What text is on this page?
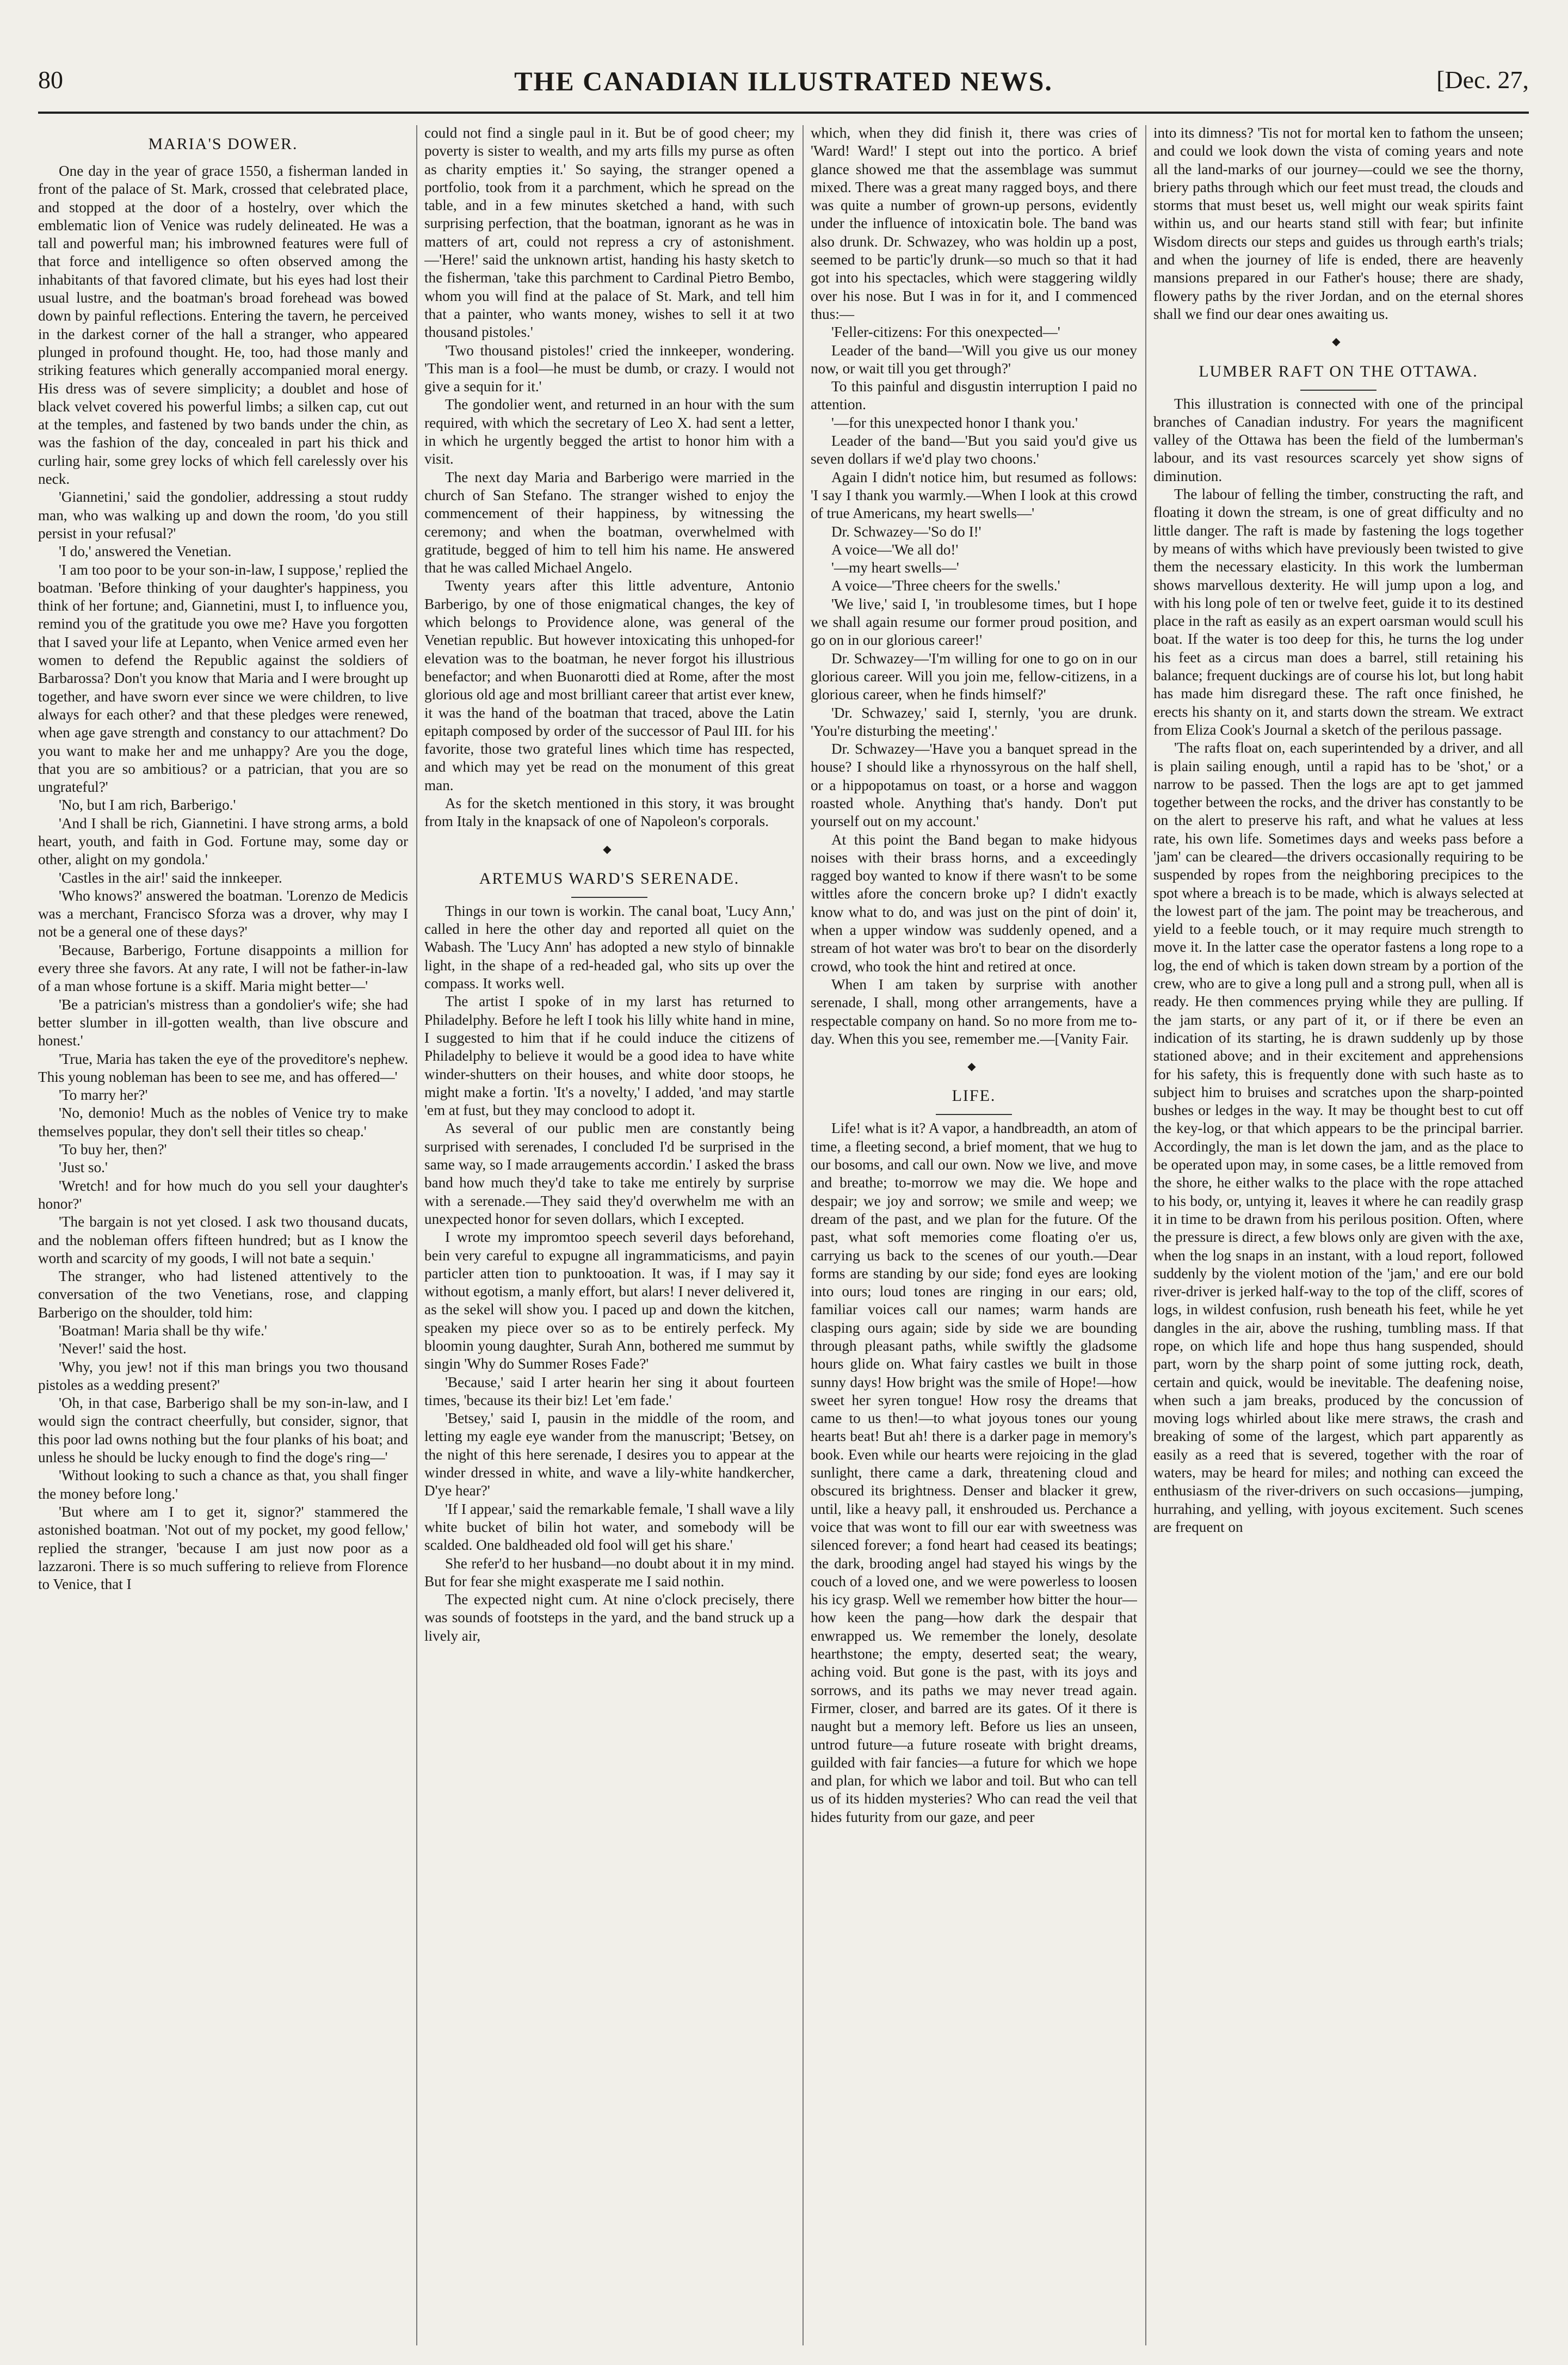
80	THE CANADIAN ILLUSTRATED NEWS.	[Dec. 27,
MARIA'S DOWER.

One day in the year of grace 1550, a fisherman landed in front of the palace of St. Mark, crossed that celebrated place, and stopped at the door of a hostelry, over which the emblematic lion of Venice was rudely delineated. He was a tall and powerful man; his imbrowned features were full of that force and intelligence so often observed among the inhabitants of that favored climate, but his eyes had lost their usual lustre, and the boatman's broad forehead was bowed down by painful reflections. Entering the tavern, he perceived in the darkest corner of the hall a stranger, who appeared plunged in profound thought. He, too, had those manly and striking features which generally accompanied moral energy. His dress was of severe simplicity; a doublet and hose of black velvet covered his powerful limbs; a silken cap, cut out at the temples, and fastened by two bands under the chin, as was the fashion of the day, concealed in part his thick and curling hair, some grey locks of which fell carelessly over his neck.

'Giannetini,' said the gondolier, addressing a stout ruddy man, who was walking up and down the room, 'do you still persist in your refusal?'

'I do,' answered the Venetian.

'I am too poor to be your son-in-law, I suppose,' replied the boatman. 'Before thinking of your daughter's happiness, you think of her fortune; and, Giannetini, must I, to influence you, remind you of the gratitude you owe me? Have you forgotten that I saved your life at Lepanto, when Venice armed even her women to defend the Republic against the soldiers of Barbarossa? Don't you know that Maria and I were brought up together, and have sworn ever since we were children, to live always for each other? and that these pledges were renewed, when age gave strength and constancy to our attachment? Do you want to make her and me unhappy? Are you the doge, that you are so ambitious? or a patrician, that you are so ungrateful?'

'No, but I am rich, Barberigo.'

'And I shall be rich, Giannetini. I have strong arms, a bold heart, youth, and faith in God. Fortune may, some day or other, alight on my gondola.'

'Castles in the air!' said the innkeeper.

'Who knows?' answered the boatman. 'Lorenzo de Medicis was a merchant, Francisco Sforza was a drover, why may I not be a general one of these days?'

'Because, Barberigo, Fortune disappoints a million for every three she favors. At any rate, I will not be father-in-law of a man whose fortune is a skiff. Maria might better—'

'Be a patrician's mistress than a gondolier's wife; she had better slumber in ill-gotten wealth, than live obscure and honest.'

'True, Maria has taken the eye of the proveditore's nephew. This young nobleman has been to see me, and has offered—'

'To marry her?'

'No, demonio! Much as the nobles of Venice try to make themselves popular, they don't sell their titles so cheap.'

'To buy her, then?'

'Just so.'

'Wretch! and for how much do you sell your daughter's honor?'

'The bargain is not yet closed. I ask two thousand ducats, and the nobleman offers fifteen hundred; but as I know the worth and scarcity of my goods, I will not bate a sequin.'

The stranger, who had listened attentively to the conversation of the two Venetians, rose, and clapping Barberigo on the shoulder, told him:

'Boatman! Maria shall be thy wife.'

'Never!' said the host.

'Why, you jew! not if this man brings you two thousand pistoles as a wedding present?'

'Oh, in that case, Barberigo shall be my son-in-law, and I would sign the contract cheerfully, but consider, signor, that this poor lad owns nothing but the four planks of his boat; and unless he should be lucky enough to find the doge's ring—'

'Without looking to such a chance as that, you shall finger the money before long.'

'But where am I to get it, signor?' stammered the astonished boatman. 'Not out of my pocket, my good fellow,' replied the stranger, 'because I am just now poor as a lazzaroni. There is so much suffering to relieve from Florence to Venice, that I

could not find a single paul in it. But be of good cheer; my poverty is sister to wealth, and my arts fills my purse as often as charity empties it.' So saying, the stranger opened a portfolio, took from it a parchment, which he spread on the table, and in a few minutes sketched a hand, with such surprising perfection, that the boatman, ignorant as he was in matters of art, could not repress a cry of astonishment.—'Here!' said the unknown artist, handing his hasty sketch to the fisherman, 'take this parchment to Cardinal Pietro Bembo, whom you will find at the palace of St. Mark, and tell him that a painter, who wants money, wishes to sell it at two thousand pistoles.'

'Two thousand pistoles!' cried the innkeeper, wondering. 'This man is a fool—he must be dumb, or crazy. I would not give a sequin for it.'

The gondolier went, and returned in an hour with the sum required, with which the secretary of Leo X. had sent a letter, in which he urgently begged the artist to honor him with a visit.

The next day Maria and Barberigo were married in the church of San Stefano. The stranger wished to enjoy the commencement of their happiness, by witnessing the ceremony; and when the boatman, overwhelmed with gratitude, begged of him to tell him his name. He answered that he was called Michael Angelo.

Twenty years after this little adventure, Antonio Barberigo, by one of those enigmatical changes, the key of which belongs to Providence alone, was general of the Venetian republic. But however intoxicating this unhoped-for elevation was to the boatman, he never forgot his illustrious benefactor; and when Buonarotti died at Rome, after the most glorious old age and most brilliant career that artist ever knew, it was the hand of the boatman that traced, above the Latin epitaph composed by order of the successor of Paul III. for his favorite, those two grateful lines which time has respected, and which may yet be read on the monument of this great man.

As for the sketch mentioned in this story, it was brought from Italy in the knapsack of one of Napoleon's corporals.

◆
ARTEMUS WARD'S SERENADE.

Things in our town is workin. The canal boat, 'Lucy Ann,' called in here the other day and reported all quiet on the Wabash. The 'Lucy Ann' has adopted a new stylo of binnakle light, in the shape of a red-headed gal, who sits up over the compass. It works well.

The artist I spoke of in my larst has returned to Philadelphy. Before he left I took his lilly white hand in mine, I suggested to him that if he could induce the citizens of Philadelphy to believe it would be a good idea to have white winder-shutters on their houses, and white door stoops, he might make a fortin. 'It's a novelty,' I added, 'and may startle 'em at fust, but they may conclood to adopt it.

As several of our public men are constantly being surprised with serenades, I concluded I'd be surprised in the same way, so I made arraugements accordin.' I asked the brass band how much they'd take to take me entirely by surprise with a serenade.—They said they'd overwhelm me with an unexpected honor for seven dollars, which I excepted.

I wrote my impromtoo speech severil days beforehand, bein very careful to expugne all ingrammaticisms, and payin particler atten tion to punktooation. It was, if I may say it without egotism, a manly effort, but alars! I never delivered it, as the sekel will show you. I paced up and down the kitchen, speaken my piece over so as to be entirely perfeck. My bloomin young daughter, Surah Ann, bothered me summut by singin 'Why do Summer Roses Fade?'

'Because,' said I arter hearin her sing it about fourteen times, 'because its their biz! Let 'em fade.'

'Betsey,' said I, pausin in the middle of the room, and letting my eagle eye wander from the manuscript; 'Betsey, on the night of this here serenade, I desires you to appear at the winder dressed in white, and wave a lily-white handkercher, D'ye hear?'

'If I appear,' said the remarkable female, 'I shall wave a lily white bucket of bilin hot water, and somebody will be scalded. One baldheaded old fool will get his share.'

She refer'd to her husband—no doubt about it in my mind. But for fear she might exasperate me I said nothin.

The expected night cum. At nine o'clock precisely, there was sounds of footsteps in the yard, and the band struck up a lively air,

which, when they did finish it, there was cries of 'Ward! Ward!' I stept out into the portico. A brief glance showed me that the assemblage was summut mixed. There was a great many ragged boys, and there was quite a number of grown-up persons, evidently under the influence of intoxicatin bole. The band was also drunk. Dr. Schwazey, who was holdin up a post, seemed to be partic'ly drunk—so much so that it had got into his spectacles, which were staggering wildly over his nose. But I was in for it, and I commenced thus:—

'Feller-citizens: For this onexpected—'

Leader of the band—'Will you give us our money now, or wait till you get through?'

To this painful and disgustin interruption I paid no attention.

'—for this unexpected honor I thank you.'

Leader of the band—'But you said you'd give us seven dollars if we'd play two choons.'

Again I didn't notice him, but resumed as follows: 'I say I thank you warmly.—When I look at this crowd of true Americans, my heart swells—'

Dr. Schwazey—'So do I!'

A voice—'We all do!'

'—my heart swells—'

A voice—'Three cheers for the swells.'

'We live,' said I, 'in troublesome times, but I hope we shall again resume our former proud position, and go on in our glorious career!'

Dr. Schwazey—'I'm willing for one to go on in our glorious career. Will you join me, fellow-citizens, in a glorious career, when he finds himself?'

'Dr. Schwazey,' said I, sternly, 'you are drunk. 'You're disturbing the meeting'.'

Dr. Schwazey—'Have you a banquet spread in the house? I should like a rhynossyrous on the half shell, or a hippopotamus on toast, or a horse and waggon roasted whole. Anything that's handy. Don't put yourself out on my account.'

At this point the Band began to make hidyous noises with their brass horns, and a exceedingly ragged boy wanted to know if there wasn't to be some wittles afore the concern broke up? I didn't exactly know what to do, and was just on the pint of doin' it, when a upper window was suddenly opened, and a stream of hot water was bro't to bear on the disorderly crowd, who took the hint and retired at once.

When I am taken by surprise with another serenade, I shall, mong other arrangements, have a respectable company on hand. So no more from me to-day. When this you see, remember me.—[Vanity Fair.

◆
LIFE.

Life! what is it? A vapor, a handbreadth, an atom of time, a fleeting second, a brief moment, that we hug to our bosoms, and call our own. Now we live, and move and breathe; to-morrow we may die. We hope and despair; we joy and sorrow; we smile and weep; we dream of the past, and we plan for the future. Of the past, what soft memories come floating o'er us, carrying us back to the scenes of our youth.—Dear forms are standing by our side; fond eyes are looking into ours; loud tones are ringing in our ears; old, familiar voices call our names; warm hands are clasping ours again; side by side we are bounding through pleasant paths, while swiftly the gladsome hours glide on. What fairy castles we built in those sunny days! How bright was the smile of Hope!—how sweet her syren tongue! How rosy the dreams that came to us then!—to what joyous tones our young hearts beat! But ah! there is a darker page in memory's book. Even while our hearts were rejoicing in the glad sunlight, there came a dark, threatening cloud and obscured its brightness. Denser and blacker it grew, until, like a heavy pall, it enshrouded us. Perchance a voice that was wont to fill our ear with sweetness was silenced forever; a fond heart had ceased its beatings; the dark, brooding angel had stayed his wings by the couch of a loved one, and we were powerless to loosen his icy grasp. Well we remember how bitter the hour—how keen the pang—how dark the despair that enwrapped us. We remember the lonely, desolate hearthstone; the empty, deserted seat; the weary, aching void. But gone is the past, with its joys and sorrows, and its paths we may never tread again. Firmer, closer, and barred are its gates. Of it there is naught but a memory left. Before us lies an unseen, untrod future—a future roseate with bright dreams, guilded with fair fancies—a future for which we hope and plan, for which we labor and toil. But who can tell us of its hidden mysteries? Who can read the veil that hides futurity from our gaze, and peer

into its dimness? 'Tis not for mortal ken to fathom the unseen; and could we look down the vista of coming years and note all the land-marks of our journey—could we see the thorny, briery paths through which our feet must tread, the clouds and storms that must beset us, well might our weak spirits faint within us, and our hearts stand still with fear; but infinite Wisdom directs our steps and guides us through earth's trials; and when the journey of life is ended, there are heavenly mansions prepared in our Father's house; there are shady, flowery paths by the river Jordan, and on the eternal shores shall we find our dear ones awaiting us.

◆
LUMBER RAFT ON THE OTTAWA.

This illustration is connected with one of the principal branches of Canadian industry. For years the magnificent valley of the Ottawa has been the field of the lumberman's labour, and its vast resources scarcely yet show signs of diminution.

The labour of felling the timber, constructing the raft, and floating it down the stream, is one of great difficulty and no little danger. The raft is made by fastening the logs together by means of withs which have previously been twisted to give them the necessary elasticity. In this work the lumberman shows marvellous dexterity. He will jump upon a log, and with his long pole of ten or twelve feet, guide it to its destined place in the raft as easily as an expert oarsman would scull his boat. If the water is too deep for this, he turns the log under his feet as a circus man does a barrel, still retaining his balance; frequent duckings are of course his lot, but long habit has made him disregard these. The raft once finished, he erects his shanty on it, and starts down the stream. We extract from Eliza Cook's Journal a sketch of the perilous passage.

'The rafts float on, each superintended by a driver, and all is plain sailing enough, until a rapid has to be 'shot,' or a narrow to be passed. Then the logs are apt to get jammed together between the rocks, and the driver has constantly to be on the alert to preserve his raft, and what he values at less rate, his own life. Sometimes days and weeks pass before a 'jam' can be cleared—the drivers occasionally requiring to be suspended by ropes from the neighboring precipices to the spot where a breach is to be made, which is always selected at the lowest part of the jam. The point may be treacherous, and yield to a feeble touch, or it may require much strength to move it. In the latter case the operator fastens a long rope to a log, the end of which is taken down stream by a portion of the crew, who are to give a long pull and a strong pull, when all is ready. He then commences prying while they are pulling. If the jam starts, or any part of it, or if there be even an indication of its starting, he is drawn suddenly up by those stationed above; and in their excitement and apprehensions for his safety, this is frequently done with such haste as to subject him to bruises and scratches upon the sharp-pointed bushes or ledges in the way. It may be thought best to cut off the key-log, or that which appears to be the principal barrier. Accordingly, the man is let down the jam, and as the place to be operated upon may, in some cases, be a little removed from the shore, he either walks to the place with the rope attached to his body, or, untying it, leaves it where he can readily grasp it in time to be drawn from his perilous position. Often, where the pressure is direct, a few blows only are given with the axe, when the log snaps in an instant, with a loud report, followed suddenly by the violent motion of the 'jam,' and ere our bold river-driver is jerked half-way to the top of the cliff, scores of logs, in wildest confusion, rush beneath his feet, while he yet dangles in the air, above the rushing, tumbling mass. If that rope, on which life and hope thus hang suspended, should part, worn by the sharp point of some jutting rock, death, certain and quick, would be inevitable. The deafening noise, when such a jam breaks, produced by the concussion of moving logs whirled about like mere straws, the crash and breaking of some of the largest, which part apparently as easily as a reed that is severed, together with the roar of waters, may be heard for miles; and nothing can exceed the enthusiasm of the river-drivers on such occasions—jumping, hurrahing, and yelling, with joyous excitement. Such scenes are frequent on
